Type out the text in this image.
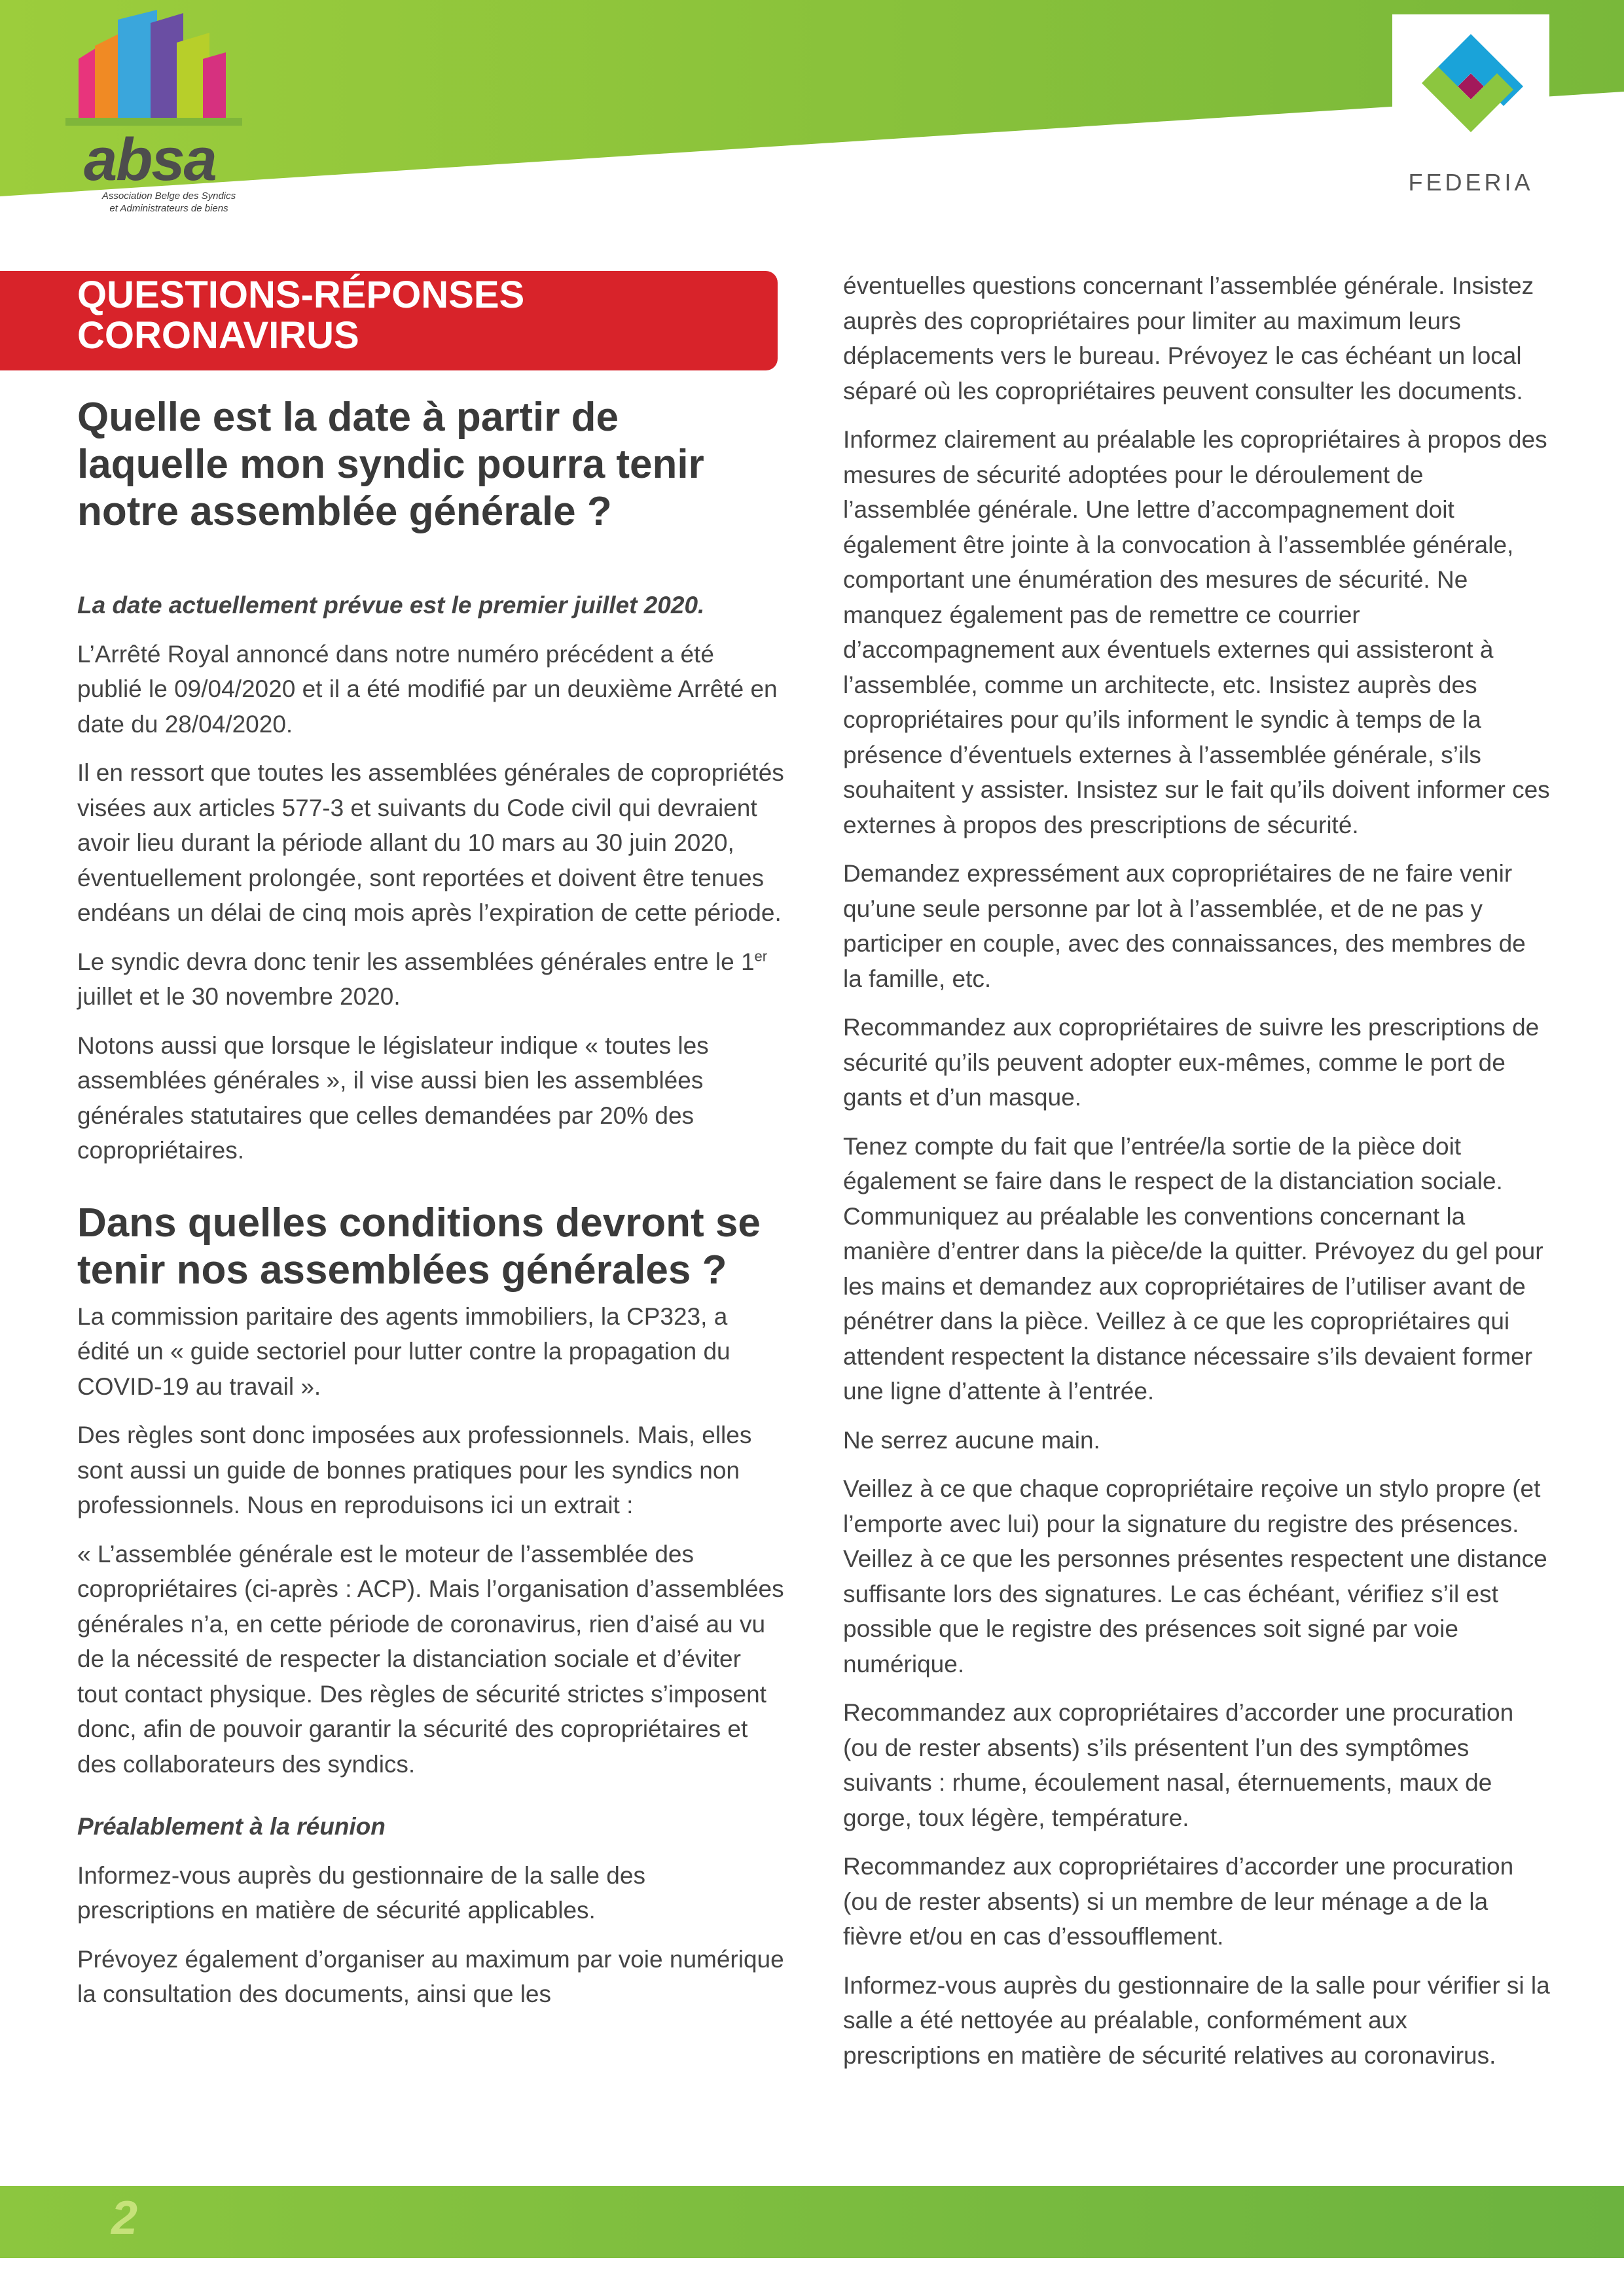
absa
Association Belge des Syndics
et Administrateurs de biens
FEDERIA
QUESTIONS-RÉPONSES
CORONAVIRUS
Quelle est la date à partir de
laquelle mon syndic pourra tenir
notre assemblée générale ?

La date actuellement prévue est le premier juillet 2020.

L’Arrêté Royal annoncé dans notre numéro précédent a été publié le 09/04/2020 et il a été modifié par un deuxième Arrêté en date du 28/04/2020.

Il en ressort que toutes les assemblées générales de copropriétés visées aux articles 577-3 et suivants du Code civil qui devraient avoir lieu durant la période allant du 10 mars au 30 juin 2020, éventuellement prolongée, sont reportées et doivent être tenues endéans un délai de cinq mois après l’expiration de cette période.

Le syndic devra donc tenir les assemblées générales entre le 1er juillet et le 30 novembre 2020.

Notons aussi que lorsque le législateur indique « toutes les assemblées générales », il vise aussi bien les assemblées générales statutaires que celles demandées par 20% des copropriétaires.

Dans quelles conditions devront se
tenir nos assemblées générales ?

La commission paritaire des agents immobiliers, la CP323, a édité un « guide sectoriel pour lutter contre la propagation du COVID-19 au travail ».

Des règles sont donc imposées aux professionnels. Mais, elles sont aussi un guide de bonnes pratiques pour les syndics non professionnels. Nous en reproduisons ici un extrait :

« L’assemblée générale est le moteur de l’assemblée des copropriétaires (ci-après : ACP). Mais l’organisation d’assemblées générales n’a, en cette période de coronavirus, rien d’aisé au vu de la nécessité de respecter la distanciation sociale et d’éviter tout contact physique. Des règles de sécurité strictes s’imposent donc, afin de pouvoir garantir la sécurité des copropriétaires et des collaborateurs des syndics.

Préalablement à la réunion

Informez-vous auprès du gestionnaire de la salle des prescriptions en matière de sécurité applicables.

Prévoyez également d’organiser au maximum par voie numérique la consultation des documents, ainsi que les

éventuelles questions concernant l’assemblée générale. Insistez auprès des copropriétaires pour limiter au maximum leurs déplacements vers le bureau. Prévoyez le cas échéant un local séparé où les copropriétaires peuvent consulter les documents.

Informez clairement au préalable les copropriétaires à propos des mesures de sécurité adoptées pour le déroulement de l’assemblée générale. Une lettre d’accompagnement doit également être jointe à la convocation à l’assemblée générale, comportant une énumération des mesures de sécurité. Ne manquez également pas de remettre ce courrier d’accompagnement aux éventuels externes qui assisteront à l’assemblée, comme un architecte, etc. Insistez auprès des copropriétaires pour qu’ils informent le syndic à temps de la présence d’éventuels externes à l’assemblée générale, s’ils souhaitent y assister. Insistez sur le fait qu’ils doivent informer ces externes à propos des prescriptions de sécurité.

Demandez expressément aux copropriétaires de ne faire venir qu’une seule personne par lot à l’assemblée, et de ne pas y participer en couple, avec des connaissances, des membres de la famille, etc.

Recommandez aux copropriétaires de suivre les prescriptions de sécurité qu’ils peuvent adopter eux-mêmes, comme le port de gants et d’un masque.

Tenez compte du fait que l’entrée/la sortie de la pièce doit également se faire dans le respect de la distanciation sociale. Communiquez au préalable les conventions concernant la manière d’entrer dans la pièce/de la quitter. Prévoyez du gel pour les mains et demandez aux copropriétaires de l’utiliser avant de pénétrer dans la pièce. Veillez à ce que les copropriétaires qui attendent respectent la distance nécessaire s’ils devaient former une ligne d’attente à l’entrée.

Ne serrez aucune main.

Veillez à ce que chaque copropriétaire reçoive un stylo propre (et l’emporte avec lui) pour la signature du registre des présences. Veillez à ce que les personnes présentes respectent une distance suffisante lors des signatures. Le cas échéant, vérifiez s’il est possible que le registre des présences soit signé par voie numérique.

Recommandez aux copropriétaires d’accorder une procuration (ou de rester absents) s’ils présentent l’un des symptômes suivants : rhume, écoulement nasal, éternuements, maux de gorge, toux légère, température.

Recommandez aux copropriétaires d’accorder une procuration (ou de rester absents) si un membre de leur ménage a de la fièvre et/ou en cas d’essoufflement.

Informez-vous auprès du gestionnaire de la salle pour vérifier si la salle a été nettoyée au préalable, conformément aux prescriptions en matière de sécurité relatives au coronavirus.

2
